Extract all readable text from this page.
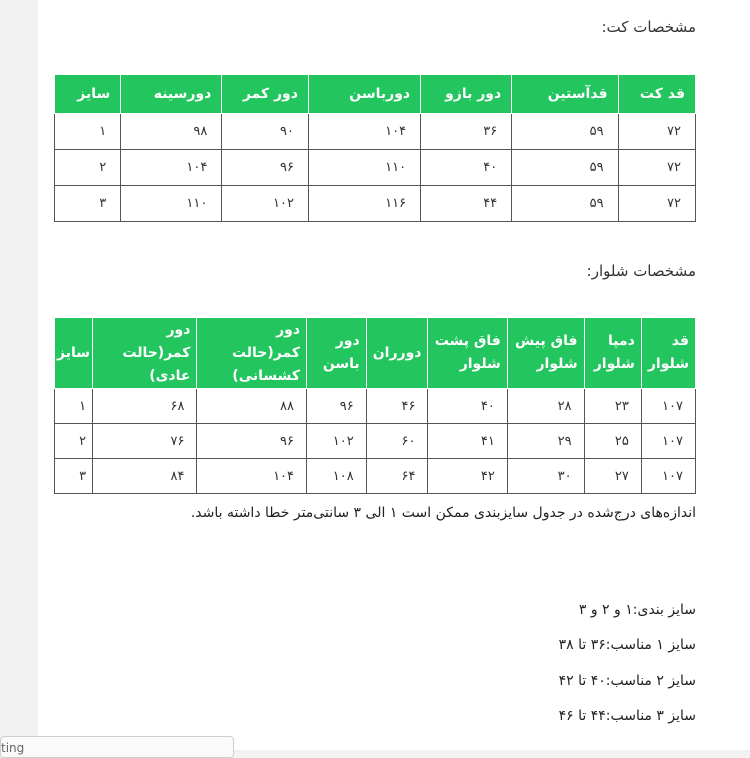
مشخصات کت:
قد کت	قدآستین	دور بازو	دورباسن	دور کمر	دورسینه	سایز
۷۲	۵۹	۳۶	۱۰۴	۹۰	۹۸	۱
۷۲	۵۹	۴۰	۱۱۰	۹۶	۱۰۴	۲
۷۲	۵۹	۴۴	۱۱۶	۱۰۲	۱۱۰	۳
مشخصات شلوار:
قد شلوار	دمپا شلوار	فاق پیش شلوار	فاق پشت شلوار	دورران	دور باسن	دور کمر(حالت کشسانی)	دور کمر(حالت عادی)	سایز
۱۰۷	۲۳	۲۸	۴۰	۴۶	۹۶	۸۸	۶۸	۱
۱۰۷	۲۵	۲۹	۴۱	۶۰	۱۰۲	۹۶	۷۶	۲
۱۰۷	۲۷	۳۰	۴۲	۶۴	۱۰۸	۱۰۴	۸۴	۳
اندازه‌های درج‌شده در جدول سایزبندی ممکن است ۱ الی ۳ سانتی‌متر خطا داشته باشد.
سایز بندی:۱ و ۲ و ۳
سایز ۱ مناسب:۳۶ تا ۳۸
سایز ۲ مناسب:۴۰ تا ۴۲
سایز ۳ مناسب:۴۴ تا ۴۶
ting
